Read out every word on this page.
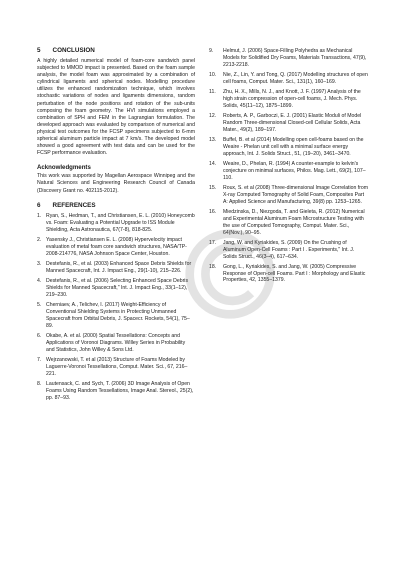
5 CONCLUSION

A highly detailed numerical model of foam-core sandwich panel subjected to MMOD impact is presented. Based on the foam sample analysis, the model foam was approximated by a combination of cylindrical ligaments and spherical nodes. Modelling procedure utilizes the enhanced randomization technique, which involves stochastic variations of nodes and ligaments dimensions, random perturbation of the node positions and rotation of the sub-units composing the foam geometry. The HVI simulations employed a combination of SPH and FEM in the Lagrangian formulation. The developed approach was evaluated by comparison of numerical and physical test outcomes for the FCSP specimens subjected to 6-mm spherical aluminum particle impact at 7 km/s. The developed model showed a good agreement with test data and can be used for the FCSP performance evaluation.

Acknowledgments

This work was supported by Magellan Aerospace Winnipeg and the Natural Sciences and Engineering Research Council of Canada (Discovery Grant no. 402115-2012).

6 REFERENCES
1. Ryan, S., Hedman, T., and Christiansen, E. L. (2010) Honeycomb vs. Foam: Evaluating a Potential Upgrade to ISS Module Shielding, Acta Astronautica, 67(7-8), 818-825.
2. Yasensky J., Christiansen E. L. (2008) Hypervelocity impact evaluation of metal foam core sandwich structures, NASA/TP-2008-214776, NASA Johnson Space Center, Houston.
3. Destefanis, R., et al. (2003) Enhanced Space Debris Shields for Manned Spacecraft, Int. J. Impact Eng., 29(1-10), 215–226.
4. Destefanis, R., et al. (2006) Selecting Enhanced Space Debris Shields for Manned Spacecraft," Int. J. Impact Eng., 33(1–12), 219–230.
5. Cherniaev, A., Telichev, I. (2017) Weight-Efficiency of Conventional Shielding Systems in Protecting Unmanned Spacecraft from Orbital Debris, J. Spacecr. Rockets, 54(1), 75–89.
6. Okabe, A. et al. (2000) Spatial Tessellations: Concepts and Applications of Voronoi Diagrams. Willey Series in Probability and Statistics, John Willey & Sons Ltd.
7. Wejrzanowski, T. et al (2013) Structure of Foams Modeled by Laguerre-Voronoi Tessellations, Comput. Mater. Sci., 67, 216–221.
8. Lautensack, C. and Sych, T. (2006) 3D Image Analysis of Open Foams Using Random Tessellations, Image Anal. Stereol., 25(2), pp. 87–93.
9.	Helmut, J. (2006) Space-Filling Polyhedra as Mechanical Models for Solidified Dry Foams, Materials Transactions, 47(9), 2213-2218.
10.	Nie, Z., Lin, Y. and Tong, Q. (2017) Modelling structures of open cell foams, Comput. Mater. Sci., 131(1), 160–169.
11.	Zhu, H. X., Mills, N. J., and Knott, J. F. (1997) Analysis of the high strain compression of open-cell foams, J. Mech. Phys. Solids, 45(11–12), 1875–1899.
12.	Roberts, A. P., Garboczi, E. J. (2001) Elastic Moduli of Model Random Three-dimensional Closed-cell Cellular Solids, Acta Mater., 49(2), 189–197.
13.	Buffel, B. et al (2014) Modelling open cell-foams based on the Weaire - Phelan unit cell with a minimal surface energy approach, Int. J. Solids Struct., 51, (19–20), 3461–3470.
14.	Weaire, D., Phelan, R. (1994) A counter-example to kelvin's conjecture on minimal surfaces, Philos. Mag. Lett., 69(2), 107–110.
15.	Roux, S. et al (2008) Three-dimensional Image Correlation from X-ray Computed Tomography of Solid Foam, Composites Part A: Applied Science and Manufacturing, 39(8) pp. 1253–1265.
16.	Miedzinska, D., Niezgoda, T. and Gieleta, R. (2012) Numerical and Experimental Aluminum Foam Microstructure Testing with the use of Computed Tomography, Comput. Mater. Sci., 64(Nov.), 90–95.
17.	Jang, W. and Kyriakides, S. (2009) On the Crushing of Aluminum Open-Cell Foams : Part I . Experiments," Int. J. Solids Struct., 46(3–4), 617–634.
18.	Gong, L., Kyriakides, S. and Jang, W. (2005) Compressive Response of Open-cell Foams. Part I : Morphology and Elastic Properties, 42, 1355–1379.
